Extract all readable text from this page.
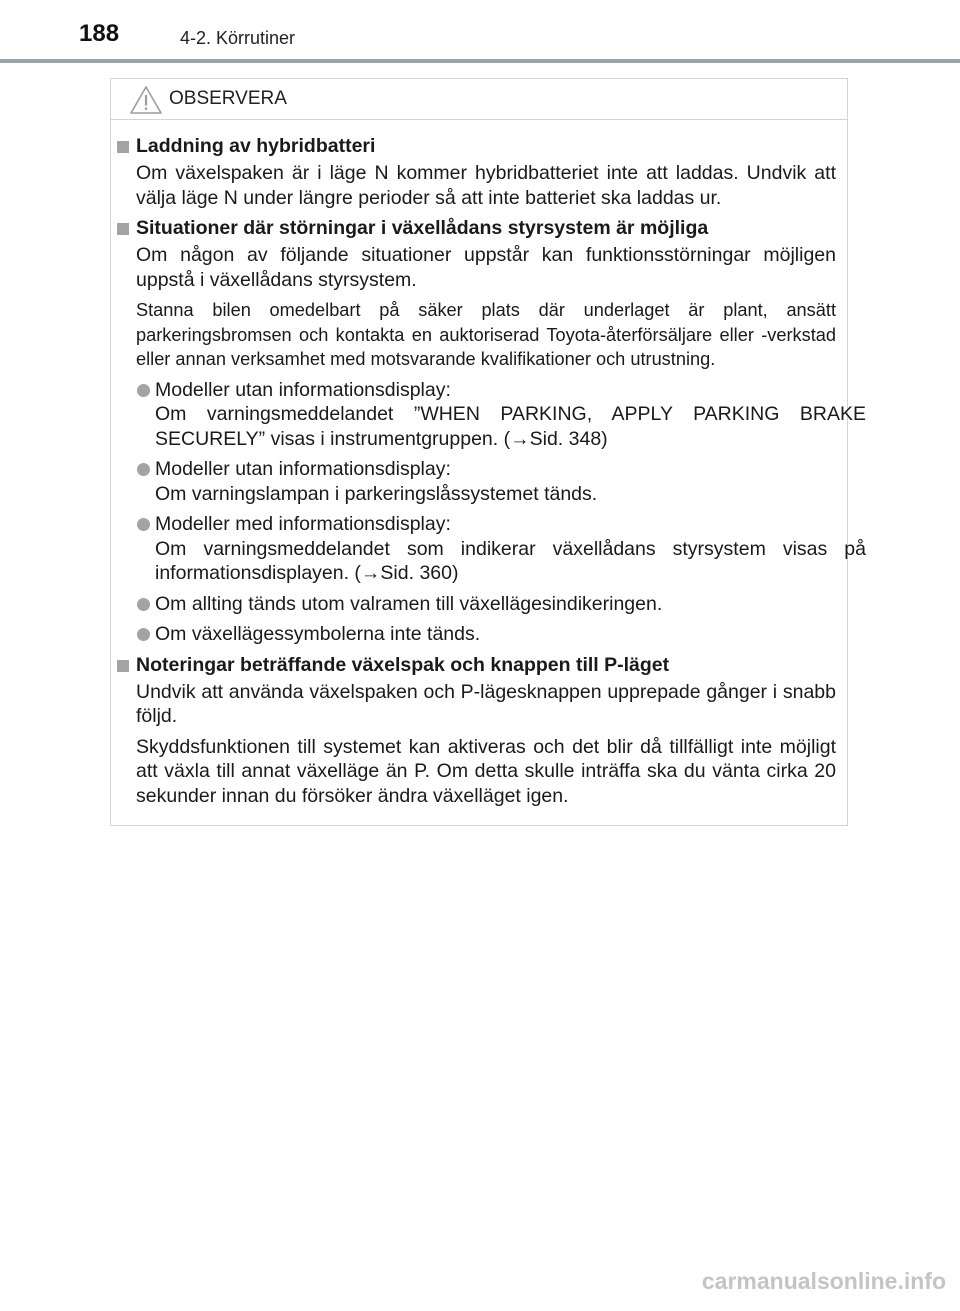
188	4-2. Körrutiner
OBSERVERA
Laddning av hybridbatteri
Om växelspaken är i läge N kommer hybridbatteriet inte att laddas. Undvik att välja läge N under längre perioder så att inte batteriet ska laddas ur.
Situationer där störningar i växellådans styrsystem är möjliga
Om någon av följande situationer uppstår kan funktionsstörningar möjligen uppstå i växellådans styrsystem.
Stanna bilen omedelbart på säker plats där underlaget är plant, ansätt parkeringsbromsen och kontakta en auktoriserad Toyota-återförsäljare eller -verkstad eller annan verksamhet med motsvarande kvalifikationer och utrustning.
Modeller utan informationsdisplay:
Om varningsmeddelandet ”WHEN PARKING, APPLY PARKING BRAKE SECURELY” visas i instrumentgruppen. (→Sid. 348)
Modeller utan informationsdisplay:
Om varningslampan i parkeringslåssystemet tänds.
Modeller med informationsdisplay:
Om varningsmeddelandet som indikerar växellådans styrsystem visas på informationsdisplayen. (→Sid. 360)
Om allting tänds utom valramen till växellägesindikeringen.
Om växellägessymbolerna inte tänds.
Noteringar beträffande växelspak och knappen till P-läget
Undvik att använda växelspaken och P-lägesknappen upprepade gånger i snabb följd.
Skyddsfunktionen till systemet kan aktiveras och det blir då tillfälligt inte möjligt att växla till annat växelläge än P. Om detta skulle inträffa ska du vänta cirka 20 sekunder innan du försöker ändra växelläget igen.
carmanualsonline.info
